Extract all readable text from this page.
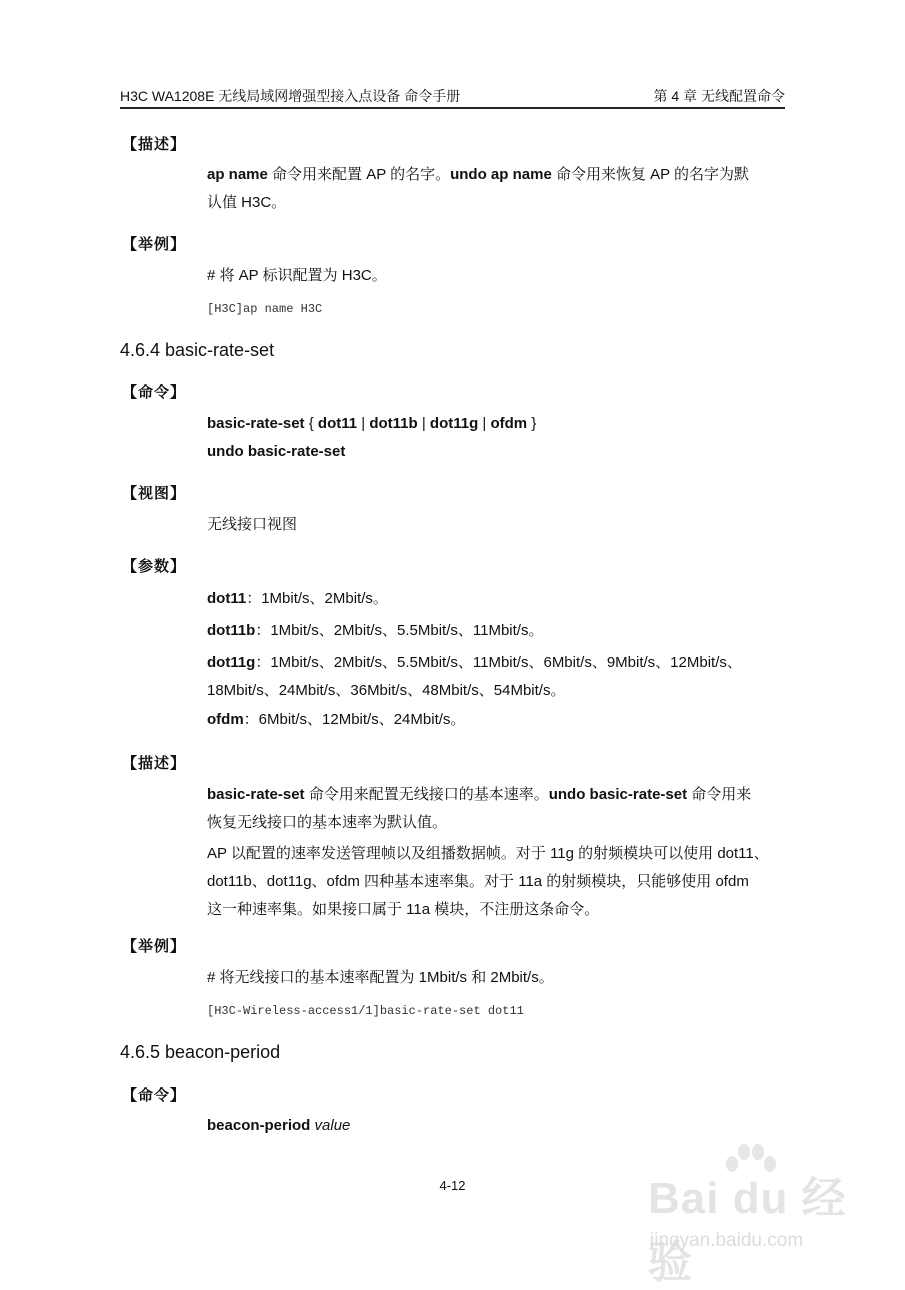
H3C WA1208E 无线局域网增强型接入点设备 命令手册	第 4 章 无线配置命令
【描述】
ap name 命令用来配置 AP 的名字。undo ap name 命令用来恢复 AP 的名字为默
认值 H3C。
【举例】
# 将 AP 标识配置为 H3C。
[H3C]ap name H3C
4.6.4 basic-rate-set
【命令】
basic-rate-set { dot11 | dot11b | dot11g | ofdm }
undo basic-rate-set
【视图】
无线接口视图
【参数】
dot11：1Mbit/s、2Mbit/s。
dot11b：1Mbit/s、2Mbit/s、5.5Mbit/s、11Mbit/s。
dot11g：1Mbit/s、2Mbit/s、5.5Mbit/s、11Mbit/s、6Mbit/s、9Mbit/s、12Mbit/s、
18Mbit/s、24Mbit/s、36Mbit/s、48Mbit/s、54Mbit/s。
ofdm：6Mbit/s、12Mbit/s、24Mbit/s。
【描述】
basic-rate-set 命令用来配置无线接口的基本速率。undo basic-rate-set 命令用来
恢复无线接口的基本速率为默认值。
AP 以配置的速率发送管理帧以及组播数据帧。对于 11g 的射频模块可以使用 dot11、
dot11b、dot11g、ofdm 四种基本速率集。对于 11a 的射频模块，只能够使用 ofdm
这一种速率集。如果接口属于 11a 模块，不注册这条命令。
【举例】
# 将无线接口的基本速率配置为 1Mbit/s 和 2Mbit/s。
[H3C-Wireless-access1/1]basic-rate-set dot11
4.6.5 beacon-period
【命令】
beacon-period value
4-12	Bai du 经验
jingyan.baidu.com
